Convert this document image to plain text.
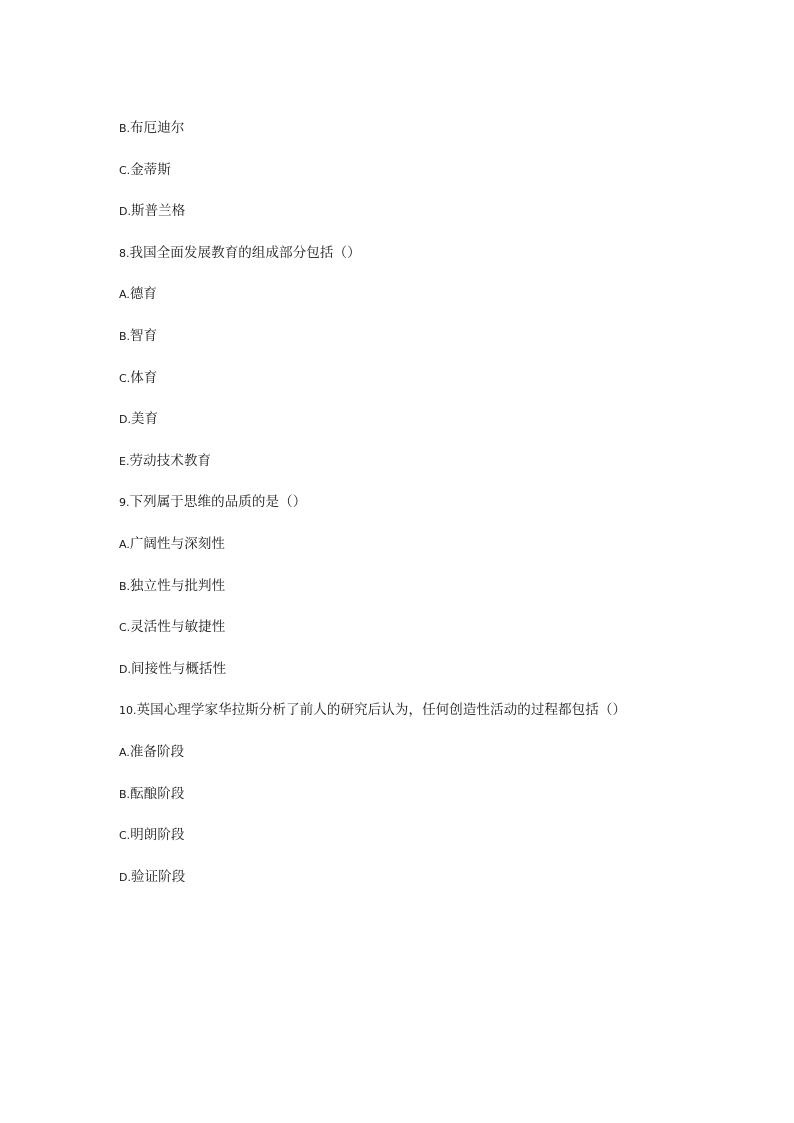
B.布厄迪尔
C.金蒂斯
D.斯普兰格
8.我国全面发展教育的组成部分包括（）
A.德育
B.智育
C.体育
D.美育
E.劳动技术教育
9.下列属于思维的品质的是（）
A.广阔性与深刻性
B.独立性与批判性
C.灵活性与敏捷性
D.间接性与概括性
10.英国心理学家华拉斯分析了前人的研究后认为，任何创造性活动的过程都包括（）
A.准备阶段
B.酝酿阶段
C.明朗阶段
D.验证阶段
